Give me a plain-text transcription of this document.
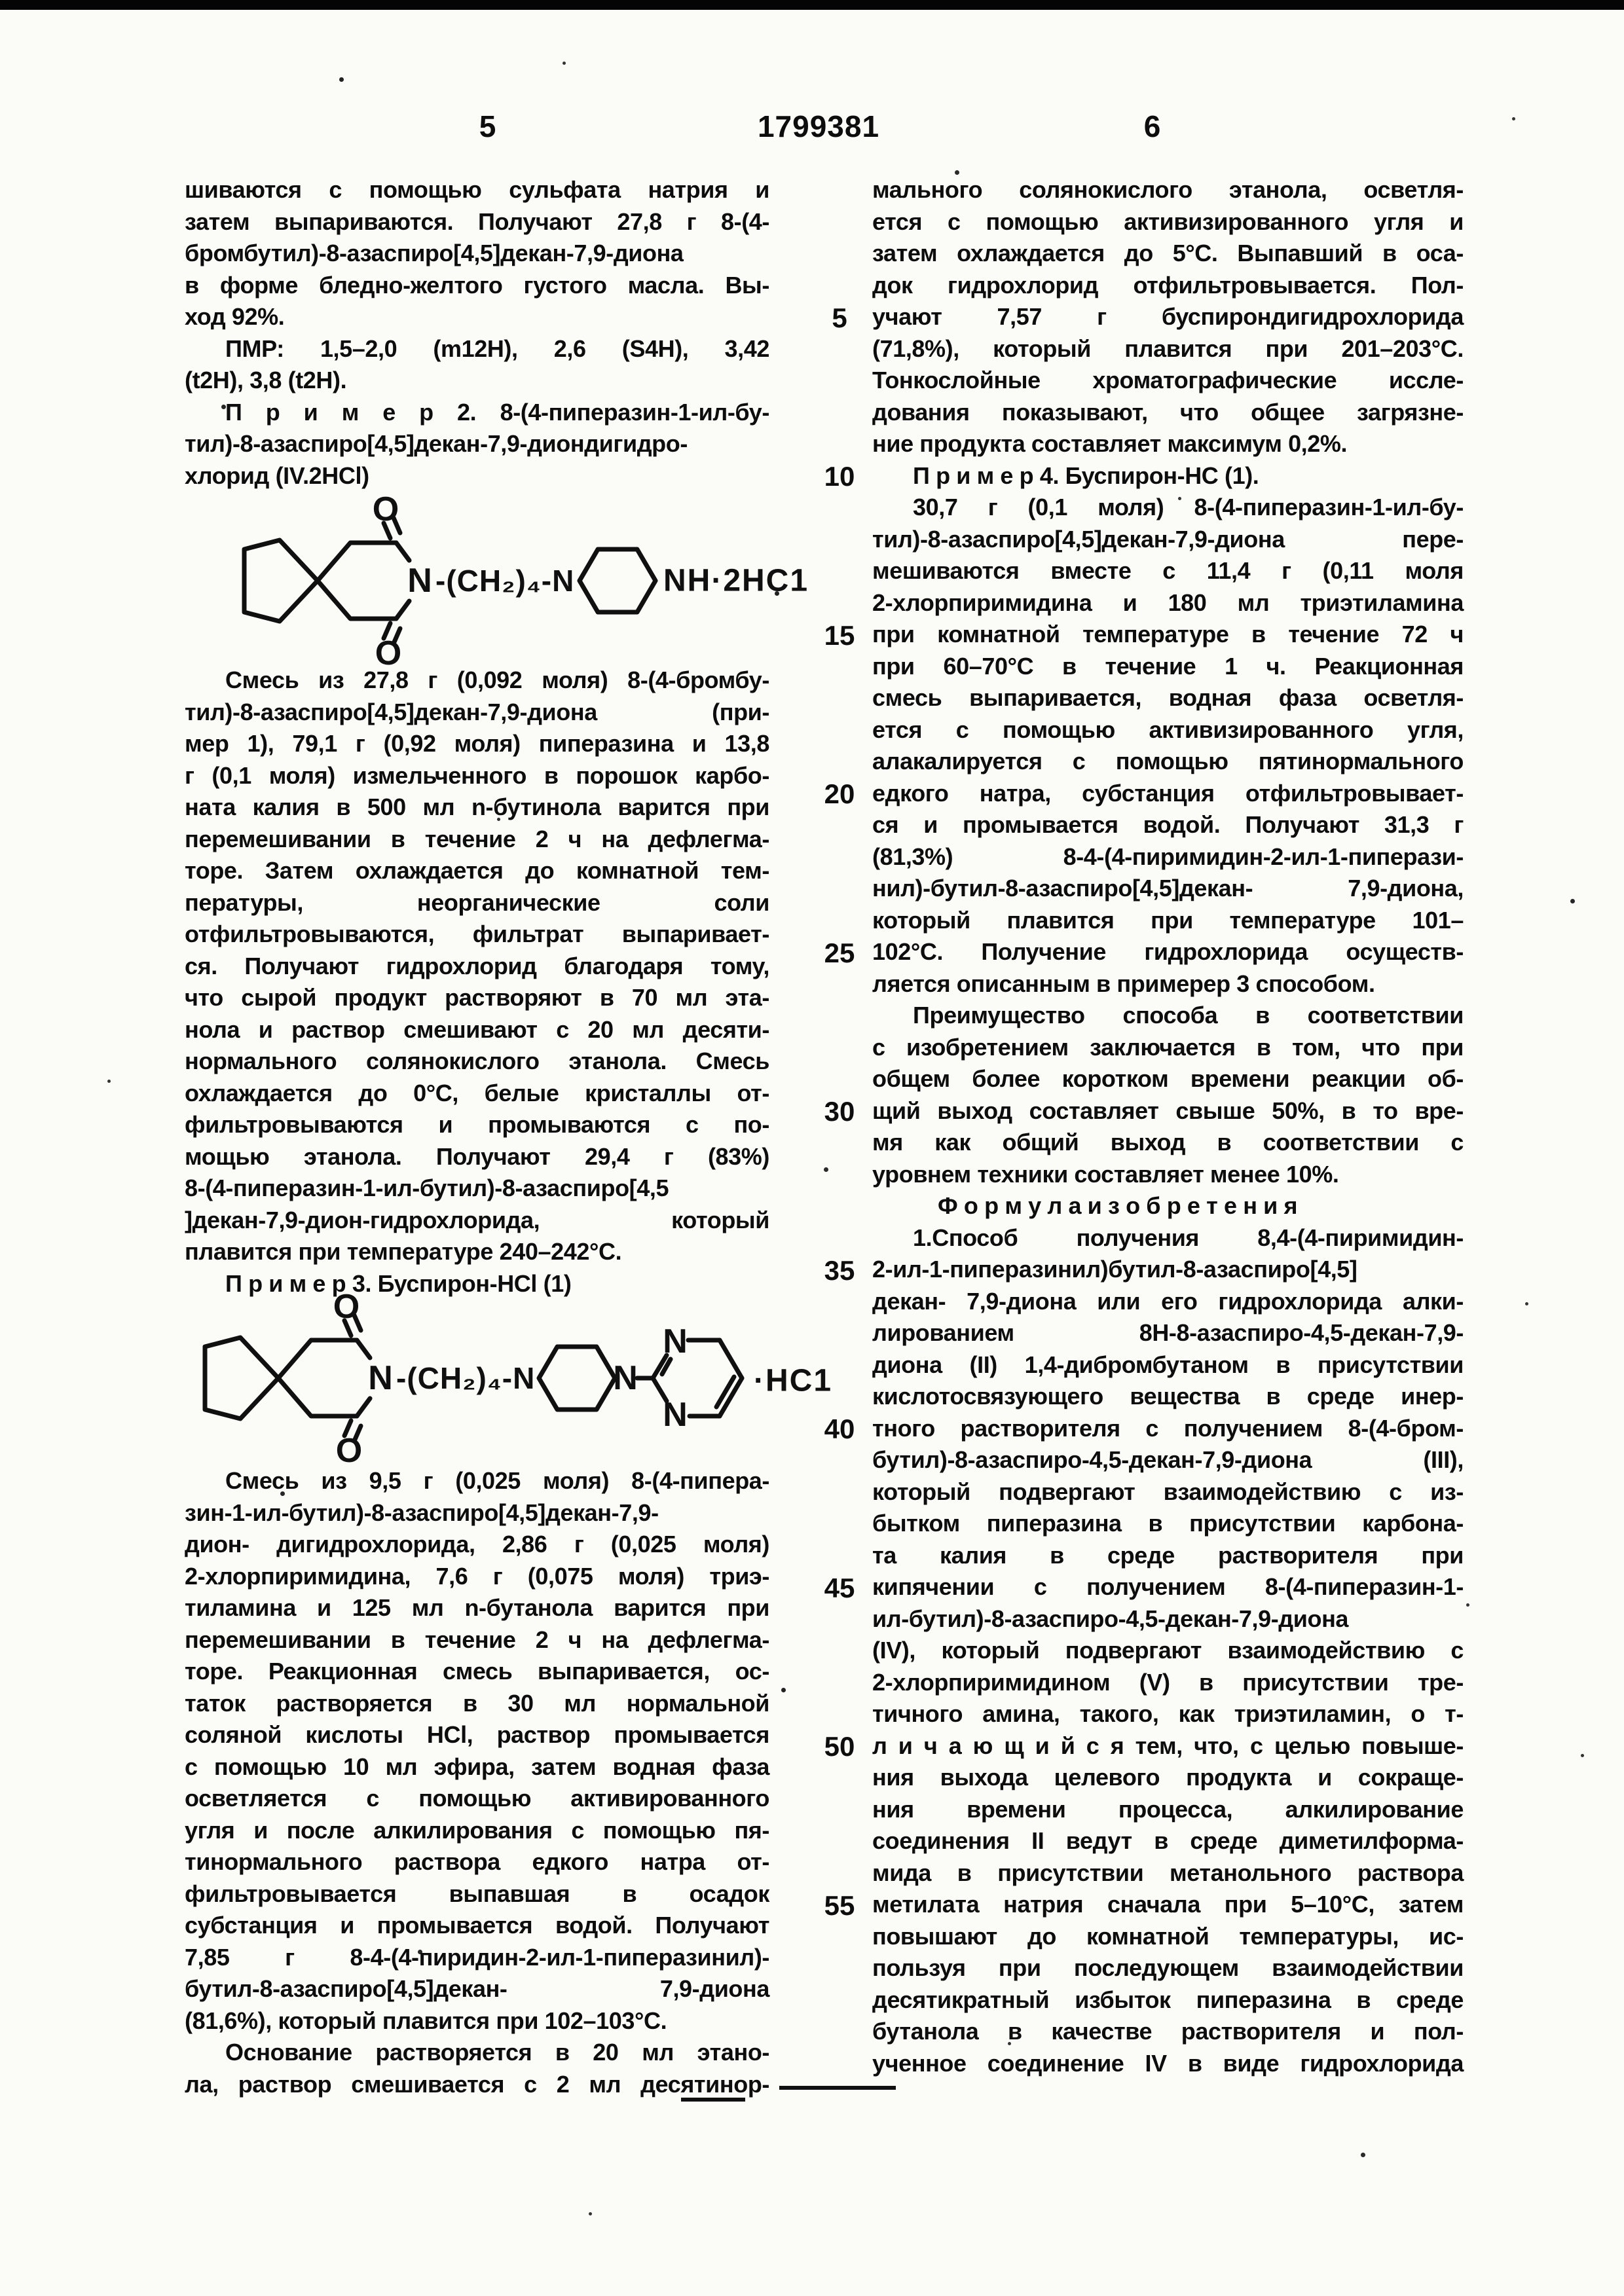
5	1799381	6
5
10
15
20
25
30
35
40
45
50
55
шиваются с помощью сульфата натрия и
затем выпариваются. Получают 27,8 г 8-(4-
бромбутил)-8-азаспиро[4,5]декан-7,9-диона
в форме бледно-желтого густого масла. Вы-
ход 92%.
ПМР: 1,5–2,0 (m12H), 2,6 (S4H), 3,42
(t2H), 3,8 (t2H).
П р и м е р 2. 8-(4-пиперазин-1-ил-бу-
тил)-8-азаспиро[4,5]декан-7,9-диондигидро-
хлорид (IV.2HCl)
O
O
N -(CH₂)₄-N	NH·2HC1
Смесь из 27,8 г (0,092 моля) 8-(4-бромбу-
тил)-8-азаспиро[4,5]декан-7,9-диона (при-
мер 1), 79,1 г (0,92 моля) пиперазина и 13,8
г (0,1 моля) измельченного в порошок карбо-
ната калия в 500 мл n-бутинола варится при
перемешивании в течение 2 ч на дефлегма-
торе. Затем охлаждается до комнатной тем-
пературы, неорганические соли
отфильтровываются, фильтрат выпаривает-
ся. Получают гидрохлорид благодаря тому,
что сырой продукт растворяют в 70 мл эта-
нола и раствор смешивают с 20 мл десяти-
нормального солянокислого этанола. Смесь
охлаждается до 0°С, белые кристаллы от-
фильтровываются и промываются с по-
мощью этанола. Получают 29,4 г (83%)
8-(4-пиперазин-1-ил-бутил)-8-азаспиро[4,5
]декан-7,9-дион-гидрохлорида, который
плавится при температуре 240–242°С.
П р и м е р 3. Буспирон-HCl (1)
O
O
N -(CH₂)₄-N N
N
N
·HC1
Смесь из 9,5 г (0,025 моля) 8-(4-пипера-
зин-1-ил-бутил)-8-азаспиро[4,5]декан-7,9-
дион- дигидрохлорида, 2,86 г (0,025 моля)
2-хлорпиримидина, 7,6 г (0,075 моля) триэ-
тиламина и 125 мл n-бутанола варится при
перемешивании в течение 2 ч на дефлегма-
торе. Реакционная смесь выпаривается, ос-
таток растворяется в 30 мл нормальной
соляной кислоты HCl, раствор промывается
с помощью 10 мл эфира, затем водная фаза
осветляется с помощью активированного
угля и после алкилирования с помощью пя-
тинормального раствора едкого натра от-
фильтровывается выпавшая в осадок
субстанция и промывается водой. Получают
7,85 г 8-4-(4-пиридин-2-ил-1-пиперазинил)-
бутил-8-азаспиро[4,5]декан- 7,9-диона
(81,6%), который плавится при 102–103°С.
Основание растворяется в 20 мл этано-
ла, раствор смешивается с 2 мл десятинор-
мального солянокислого этанола, осветля-
ется с помощью активизированного угля и
затем охлаждается до 5°С. Выпавший в оса-
док гидрохлорид отфильтровывается. Пол-
учают 7,57 г буспирондигидрохлорида
(71,8%), который плавится при 201–203°С.
Тонкослойные хроматографические иссле-
дования показывают, что общее загрязне-
ние продукта составляет максимум 0,2%.
П р и м е р 4. Буспирон-НС (1).
30,7 г (0,1 моля) 8-(4-пиперазин-1-ил-бу-
тил)-8-азаспиро[4,5]декан-7,9-диона пере-
мешиваются вместе с 11,4 г (0,11 моля
2-хлорпиримидина и 180 мл триэтиламина
при комнатной температуре в течение 72 ч
при 60–70°С в течение 1 ч. Реакционная
смесь выпаривается, водная фаза осветля-
ется с помощью активизированного угля,
алакалируется с помощью пятинормального
едкого натра, субстанция отфильтровывает-
ся и промывается водой. Получают 31,3 г
(81,3%) 8-4-(4-пиримидин-2-ил-1-пиперази-
нил)-бутил-8-азаспиро[4,5]декан- 7,9-диона,
который плавится при температуре 101–
102°С. Получение гидрохлорида осуществ-
ляется описанным в примерер 3 способом.
Преимущество способа в соответствии
с изобретением заключается в том, что при
общем более коротком времени реакции об-
щий выход составляет свыше 50%, в то вре-
мя как общий выход в соответствии с
уровнем техники составляет менее 10%.
Ф о р м у л а и з о б р е т е н и я
1.Способ получения 8,4-(4-пиримидин-
2-ил-1-пиперазинил)бутил-8-азаспиро[4,5]
декан- 7,9-диона или его гидрохлорида алки-
лированием 8Н-8-азаспиро-4,5-декан-7,9-
диона (II) 1,4-дибромбутаном в присутствии
кислотосвязующего вещества в среде инер-
тного растворителя с получением 8-(4-бром-
бутил)-8-азаспиро-4,5-декан-7,9-диона (III),
который подвергают взаимодействию с из-
бытком пиперазина в присутствии карбона-
та калия в среде растворителя при
кипячении с получением 8-(4-пиперазин-1-
ил-бутил)-8-азаспиро-4,5-декан-7,9-диона
(IV), который подвергают взаимодействию с
2-хлорпиримидином (V) в присутствии тре-
тичного амина, такого, как триэтиламин, о т-
л и ч а ю щ и й с я тем, что, с целью повыше-
ния выхода целевого продукта и сокраще-
ния времени процесса, алкилирование
соединения II ведут в среде диметилформа-
мида в присутствии метанольного раствора
метилата натрия сначала при 5–10°С, затем
повышают до комнатной температуры, ис-
пользуя при последующем взаимодействии
десятикратный избыток пиперазина в среде
бутанола в качестве растворителя и пол-
ученное соединение IV в виде гидрохлорида
